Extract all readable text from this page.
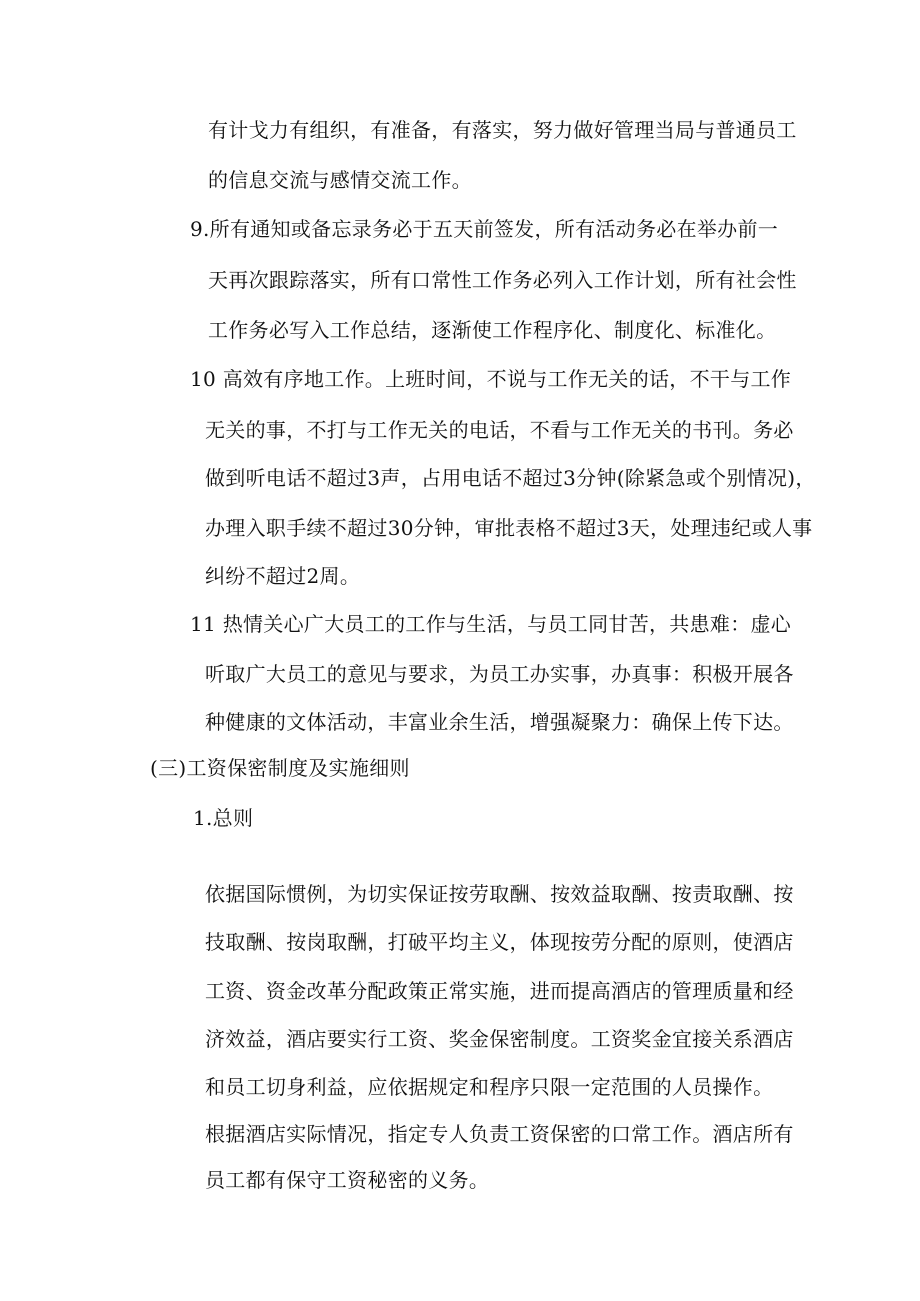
有计戈力有组织，有准备，有落实，努力做好管理当局与普通员工
的信息交流与感情交流工作。
9.所有通知或备忘录务必于五天前签发，所有活动务必在举办前一
天再次跟踪落实，所有口常性工作务必列入工作计划，所有社会性
工作务必写入工作总结，逐渐使工作程序化、制度化、标准化。
10 高效有序地工作。上班时间，不说与工作无关的话，不干与工作
无关的事，不打与工作无关的电话，不看与工作无关的书刊。务必
做到听电话不超过3声，占用电话不超过3分钟(除紧急或个别情况)，
办理入职手续不超过30分钟，审批表格不超过3天，处理违纪或人事
纠纷不超过2周。
11 热情关心广大员工的工作与生活，与员工同甘苦，共患难：虚心
听取广大员工的意见与要求，为员工办实事，办真事：积极开展各
种健康的文体活动，丰富业余生活，增强凝聚力：确保上传下达。
(三)工资保密制度及实施细则
1.总则
依据国际惯例，为切实保证按劳取酬、按效益取酬、按责取酬、按
技取酬、按岗取酬，打破平均主义，体现按劳分配的原则，使酒店
工资、资金改革分配政策正常实施，进而提高酒店的管理质量和经
济效益，酒店要实行工资、奖金保密制度。工资奖金宜接关系酒店
和员工切身利益，应依据规定和程序只限一定范围的人员操作。
根据酒店实际情况，指定专人负责工资保密的口常工作。酒店所有
员工都有保守工资秘密的义务。
